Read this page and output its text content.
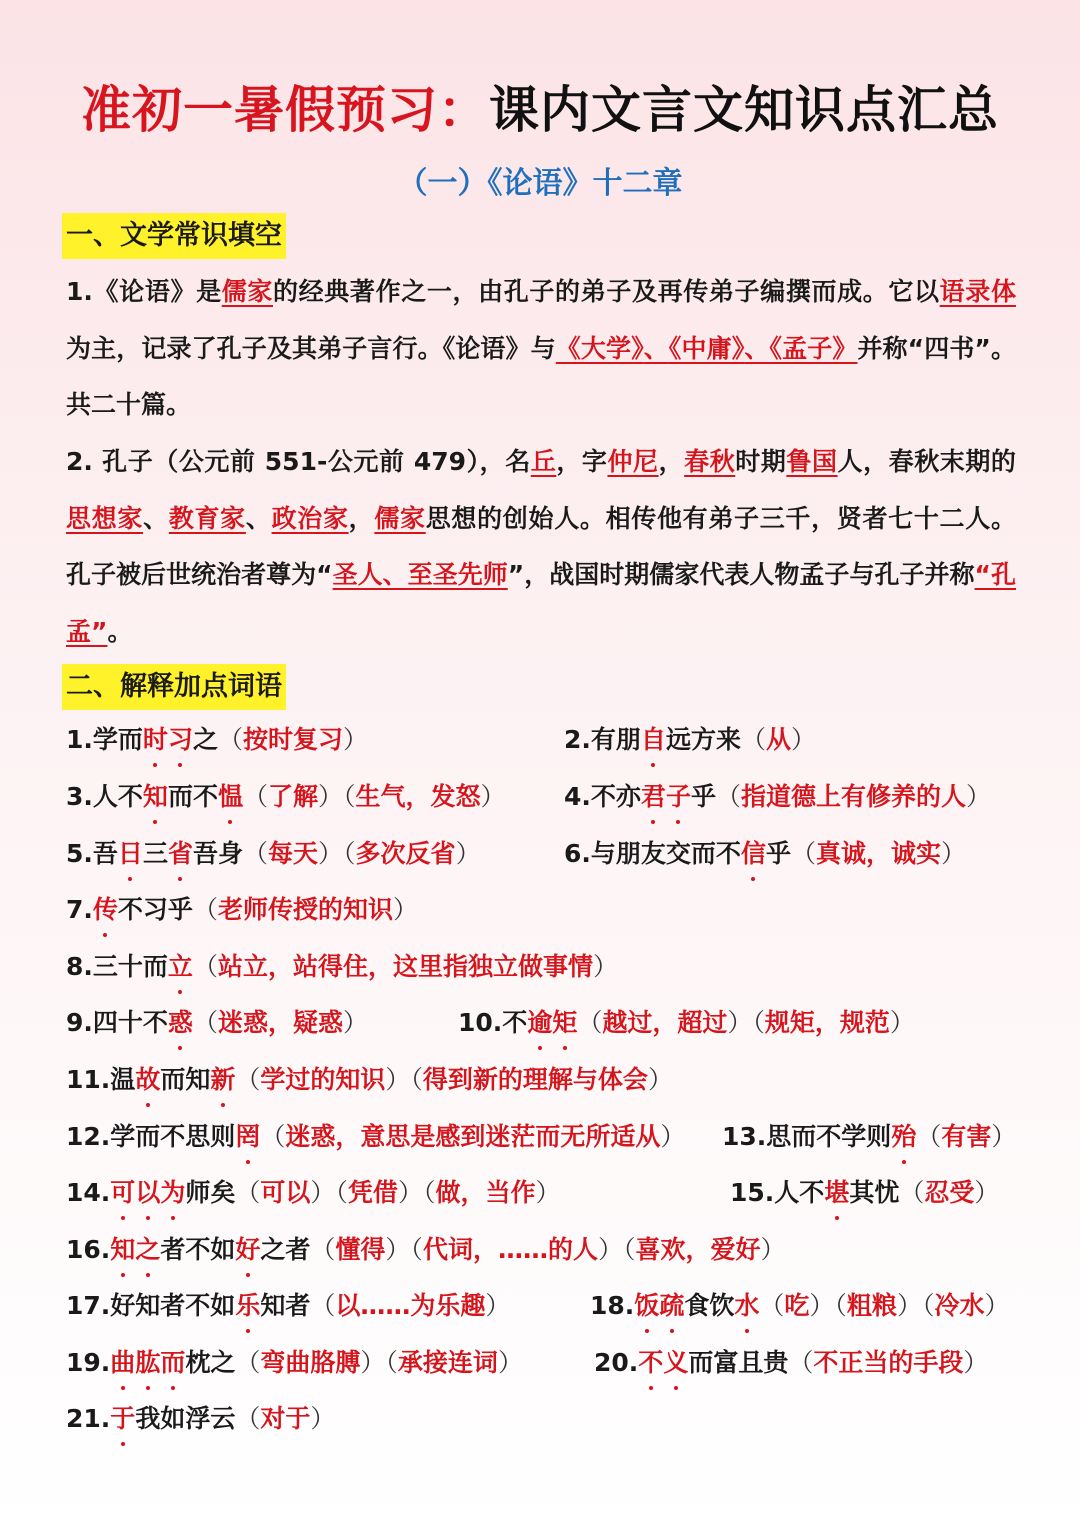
准初一暑假预习：课内文言文知识点汇总
（一）《论语》十二章
一、文学常识填空
1.《论语》是儒家的经典著作之一，由孔子的弟子及再传弟子编撰而成。它以语录体为主，记录了孔子及其弟子言行。《论语》与《大学》、《中庸》、《孟子》并称“四书”。共二十篇。
2. 孔子（公元前 551-公元前 479），名丘，字仲尼，春秋时期鲁国人，春秋末期的思想家、教育家、政治家，儒家思想的创始人。相传他有弟子三千，贤者七十二人。孔子被后世统治者尊为“圣人、至圣先师”，战国时期儒家代表人物孟子与孔子并称“孔孟”。
二、解释加点词语
1.学而时习之（按时复习）	2.有朋自远方来（从）
3.人不知而不愠（了解）（生气，发怒） 4.不亦君子乎（指道德上有修养的人）
5.吾日三省吾身（每天）（多次反省）	6.与朋友交而不信乎（真诚，诚实）
7.传不习乎（老师传授的知识）
8.三十而立（站立，站得住，这里指独立做事情）
9.四十不惑（迷惑，疑惑）	10.不逾矩（越过，超过）（规矩，规范）
11.温故而知新（学过的知识）（得到新的理解与体会）
12.学而不思则罔（迷惑，意思是感到迷茫而无所适从） 13.思而不学则殆（有害）
14.可以为师矣（可以）（凭借）（做，当作）	15.人不堪其忧（忍受）
16.知之者不如好之者（懂得）（代词，……的人）（喜欢，爱好）
17.好知者不如乐知者（以……为乐趣）	18.饭疏食饮水（吃）（粗粮）（冷水）
19.曲肱而枕之（弯曲胳膊）（承接连词）	20.不义而富且贵（不正当的手段）
21.于我如浮云（对于）
